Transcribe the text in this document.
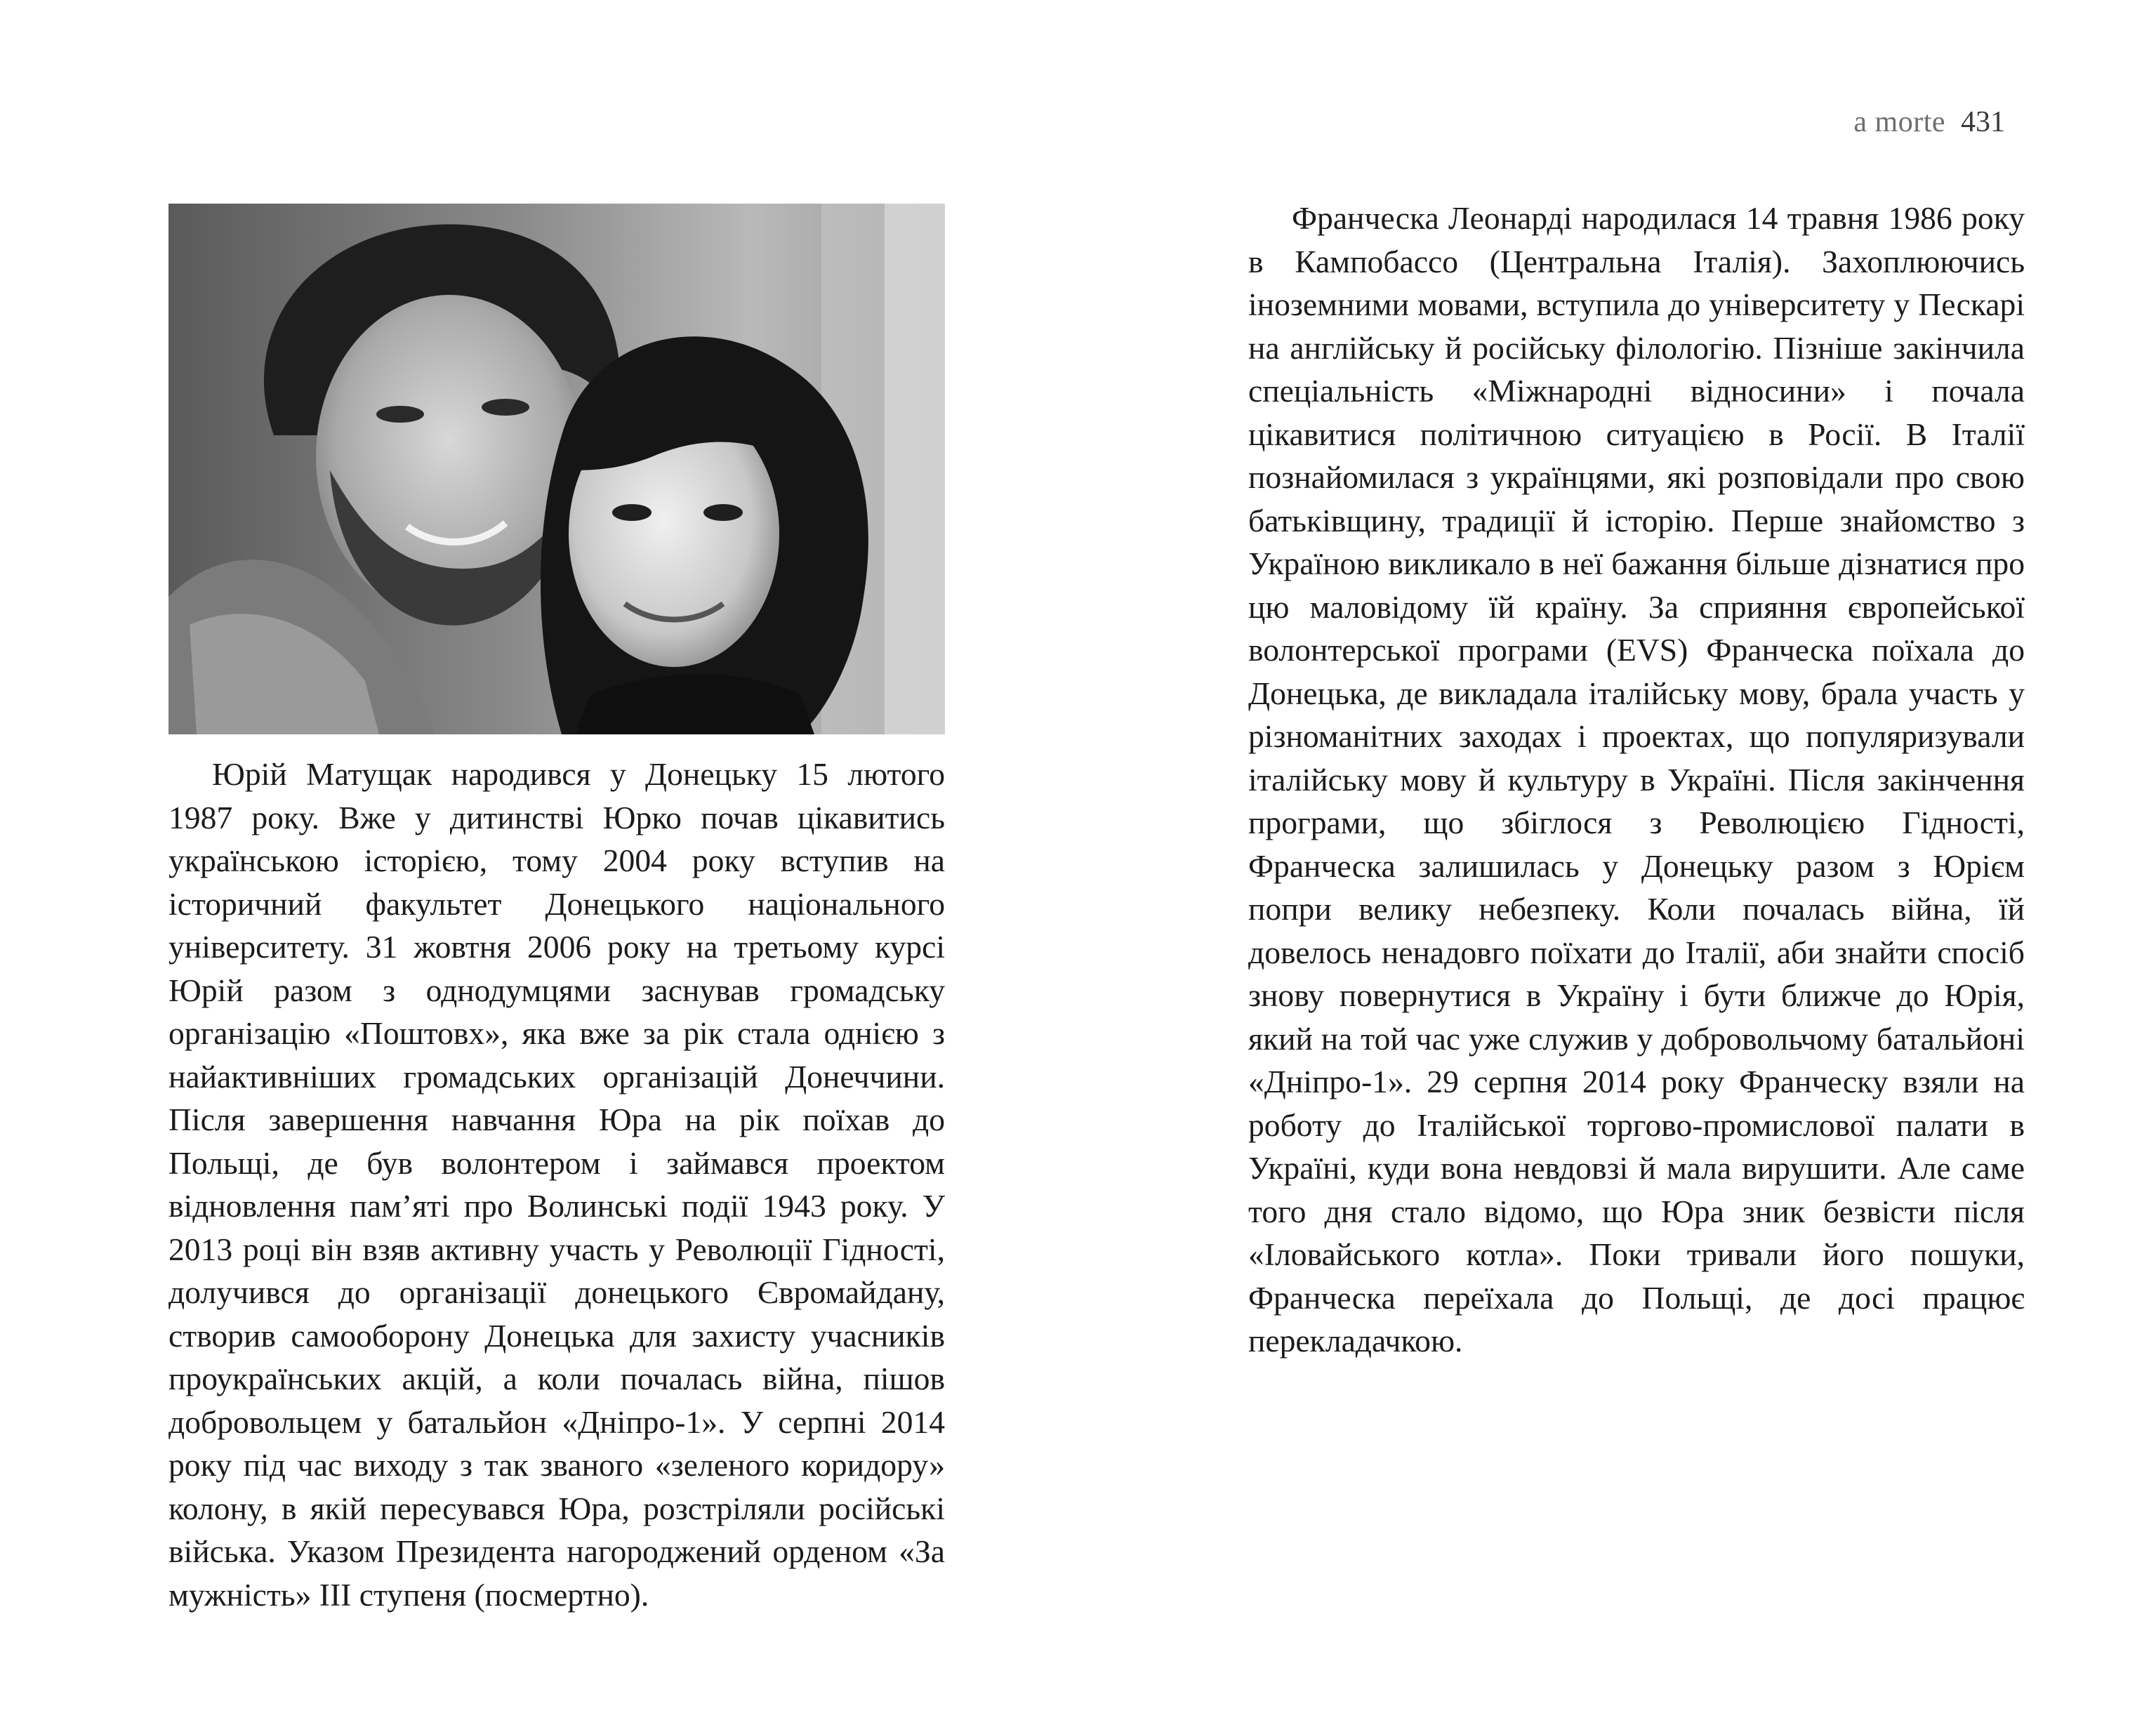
a morte 431

Юрій Матущак народився у Донецьку 15 лютого 1987 року. Вже у дитинстві Юрко почав цікавитись українською історією, тому 2004 року вступив на історичний факультет Донецького національного університету. 31 жовтня 2006 року на третьому курсі Юрій разом з однодумцями заснував громадську організацію «Поштовх», яка вже за рік стала однією з найактивніших громадських організацій Донеччини. Після завершення навчання Юра на рік поїхав до Польщі, де був волонтером і займався проектом відновлення пам’яті про Волинські події 1943 року. У 2013 році він взяв активну участь у Революції Гідності, долучився до організації донецького Євромайдану, створив самооборону Донецька для захисту учасників проукраїнських акцій, а коли почалась війна, пішов добровольцем у батальйон «Дніпро-1». У серпні 2014 року під час виходу з так званого «зеленого коридору» колону, в якій пересувався Юра, розстріляли російські війська. Указом Президента нагороджений орденом «За мужність» III ступеня (посмертно).

Франческа Леонарді народилася 14 травня 1986 року в Кампобассо (Центральна Італія). Захоплюючись іноземними мовами, вступила до університету у Пескарі на англійську й російську філологію. Пізніше закінчила спеціальність «Міжнародні відносини» і почала цікавитися політичною ситуацією в Росії. В Італії познайомилася з українцями, які розповідали про свою батьківщину, традиції й історію. Перше знайомство з Україною викликало в неї бажання більше дізнатися про цю маловідому їй країну. За сприяння європейської волонтерської програми (EVS) Франческа поїхала до Донецька, де викладала італійську мову, брала участь у різноманітних заходах і проектах, що популяризували італійську мову й культуру в Україні. Після закінчення програми, що збіглося з Революцією Гідності, Франческа залишилась у Донецьку разом з Юрієм попри велику небезпеку. Коли почалась війна, їй довелось ненадовго поїхати до Італії, аби знайти спосіб знову повернутися в Україну і бути ближче до Юрія, який на той час уже служив у добровольчому батальйоні «Дніпро-1». 29 серпня 2014 року Франческу взяли на роботу до Італійської торгово-промислової палати в Україні, куди вона невдовзі й мала вирушити. Але саме того дня стало відомо, що Юра зник безвісти після «Іловайського котла». Поки тривали його пошуки, Франческа переїхала до Польщі, де досі працює перекладачкою.
